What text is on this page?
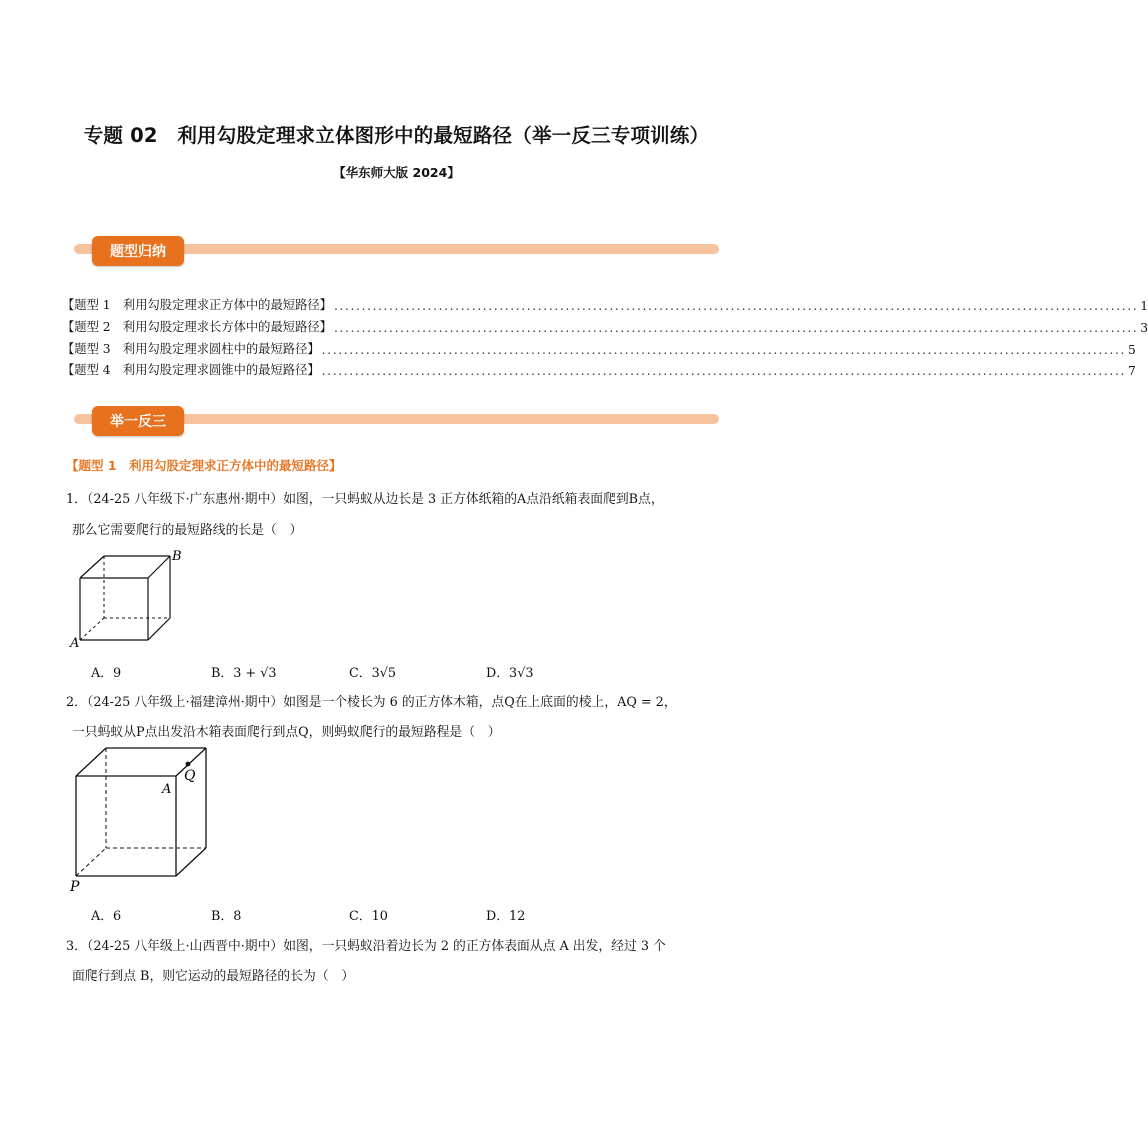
专题 02　利用勾股定理求立体图形中的最短路径（举一反三专项训练）
【华东师大版 2024】
题型归纳
【题型 1　利用勾股定理求正方体中的最短路径】 .................................................................................................................................................. 1
【题型 2　利用勾股定理求长方体中的最短路径】 .................................................................................................................................................. 3
【题型 3　利用勾股定理求圆柱中的最短路径】 .................................................................................................................................................. 5
【题型 4　利用勾股定理求圆锥中的最短路径】 .................................................................................................................................................. 7
举一反三
【题型 1　利用勾股定理求正方体中的最短路径】
1．（24-25 八年级下·广东惠州·期中）如图，一只蚂蚁从边长是 3 正方体纸箱的A点沿纸箱表面爬到B点，
那么它需要爬行的最短路线的长是（　）
B
A
A．9	B．3 + √3	C．3√5	D．3√3
2．（24-25 八年级上·福建漳州·期中）如图是一个棱长为 6 的正方体木箱，点Q在上底面的棱上，AQ = 2，
一只蚂蚁从P点出发沿木箱表面爬行到点Q，则蚂蚁爬行的最短路程是（　）
Q
A
P
A．6	B．8	C．10	D．12
3．（24-25 八年级上·山西晋中·期中）如图，一只蚂蚁沿着边长为 2 的正方体表面从点 A 出发，经过 3 个
面爬行到点 B，则它运动的最短路径的长为（　）
